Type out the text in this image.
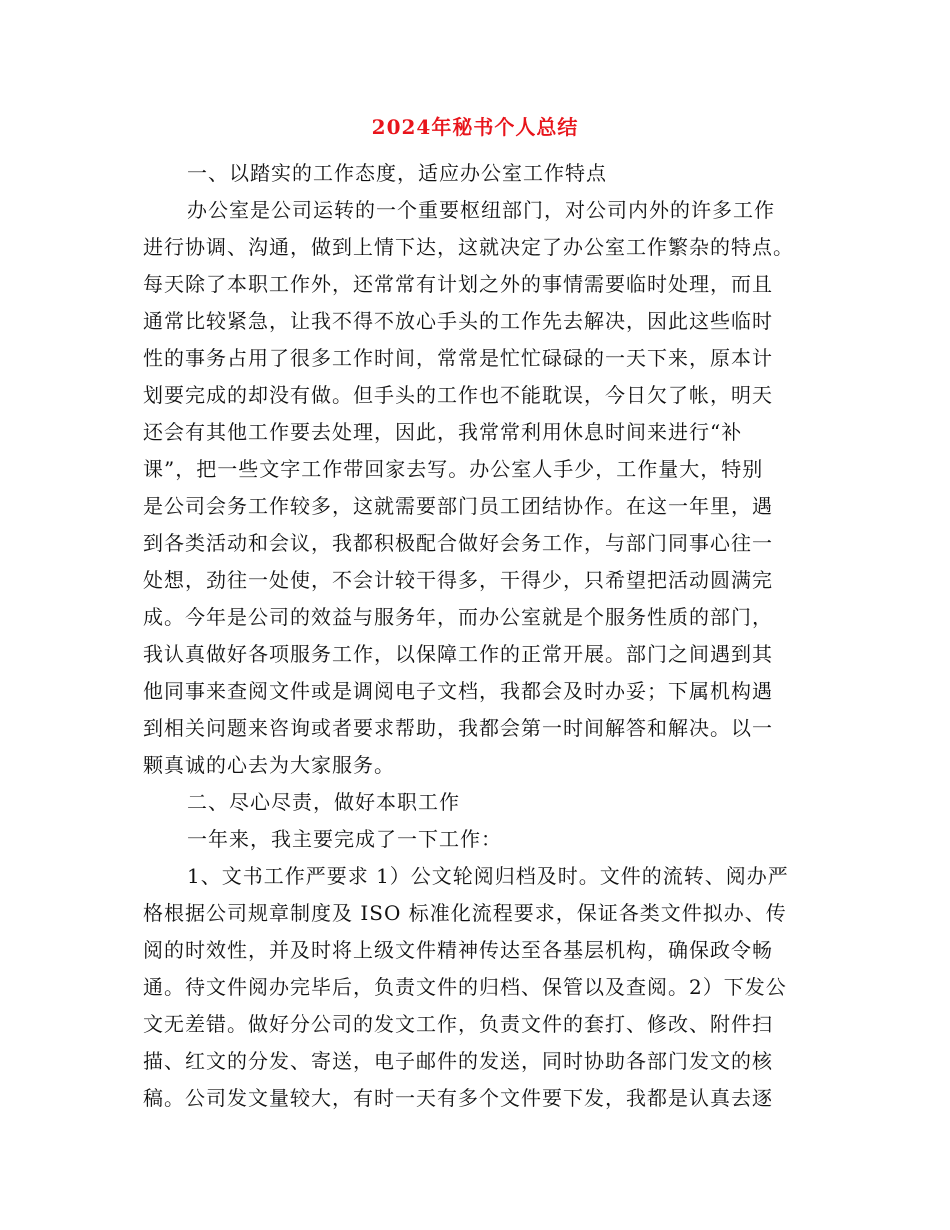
2024年秘书个人总结

一、以踏实的工作态度，适应办公室工作特点

办公室是公司运转的一个重要枢纽部门，对公司内外的许多工作
进行协调、沟通，做到上情下达，这就决定了办公室工作繁杂的特点。
每天除了本职工作外，还常常有计划之外的事情需要临时处理，而且
通常比较紧急，让我不得不放心手头的工作先去解决，因此这些临时
性的事务占用了很多工作时间，常常是忙忙碌碌的一天下来，原本计
划要完成的却没有做。但手头的工作也不能耽误，今日欠了帐，明天
还会有其他工作要去处理，因此，我常常利用休息时间来进行“补
课”，把一些文字工作带回家去写。办公室人手少，工作量大，特别
是公司会务工作较多，这就需要部门员工团结协作。在这一年里，遇
到各类活动和会议，我都积极配合做好会务工作，与部门同事心往一
处想，劲往一处使，不会计较干得多，干得少，只希望把活动圆满完
成。今年是公司的效益与服务年，而办公室就是个服务性质的部门，
我认真做好各项服务工作，以保障工作的正常开展。部门之间遇到其
他同事来查阅文件或是调阅电子文档，我都会及时办妥；下属机构遇
到相关问题来咨询或者要求帮助，我都会第一时间解答和解决。以一
颗真诚的心去为大家服务。

二、尽心尽责，做好本职工作

一年来，我主要完成了一下工作：

1、文书工作严要求 1）公文轮阅归档及时。文件的流转、阅办严
格根据公司规章制度及 ISO 标准化流程要求，保证各类文件拟办、传
阅的时效性，并及时将上级文件精神传达至各基层机构，确保政令畅
通。待文件阅办完毕后，负责文件的归档、保管以及查阅。2）下发公
文无差错。做好分公司的发文工作，负责文件的套打、修改、附件扫
描、红文的分发、寄送，电子邮件的发送，同时协助各部门发文的核
稿。公司发文量较大，有时一天有多个文件要下发，我都是认真去逐
